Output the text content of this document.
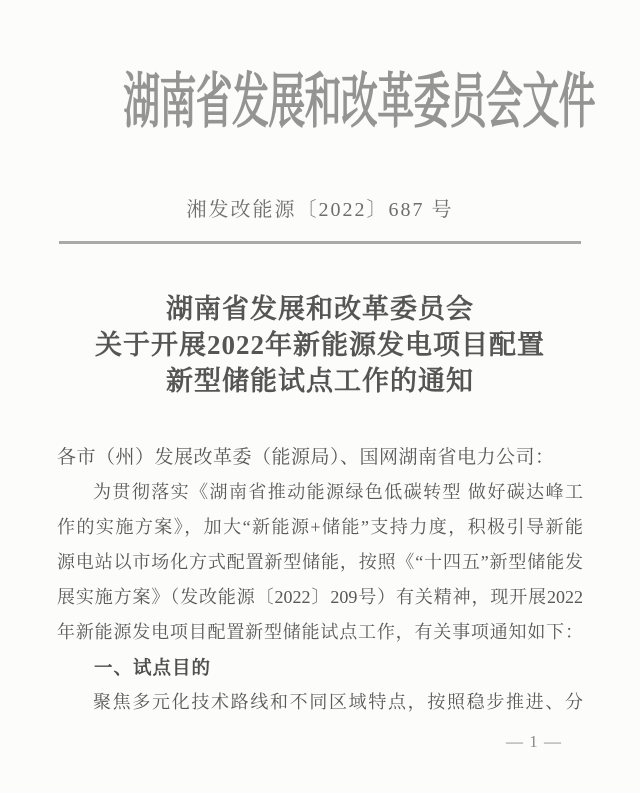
湖南省发展和改革委员会文件
湘发改能源〔2022〕687 号
湖南省发展和改革委员会
关于开展2022年新能源发电项目配置
新型储能试点工作的通知

各市（州）发展改革委（能源局）、国网湖南省电力公司：

为贯彻落实《湖南省推动能源绿色低碳转型 做好碳达峰工

作的实施方案》，加大“新能源+储能”支持力度，积极引导新能

源电站以市场化方式配置新型储能，按照《“十四五”新型储能发

展实施方案》（发改能源〔2022〕209号）有关精神，现开展2022

年新能源发电项目配置新型储能试点工作，有关事项通知如下：

一、试点目的

聚焦多元化技术路线和不同区域特点，按照稳步推进、分

— 1 —
